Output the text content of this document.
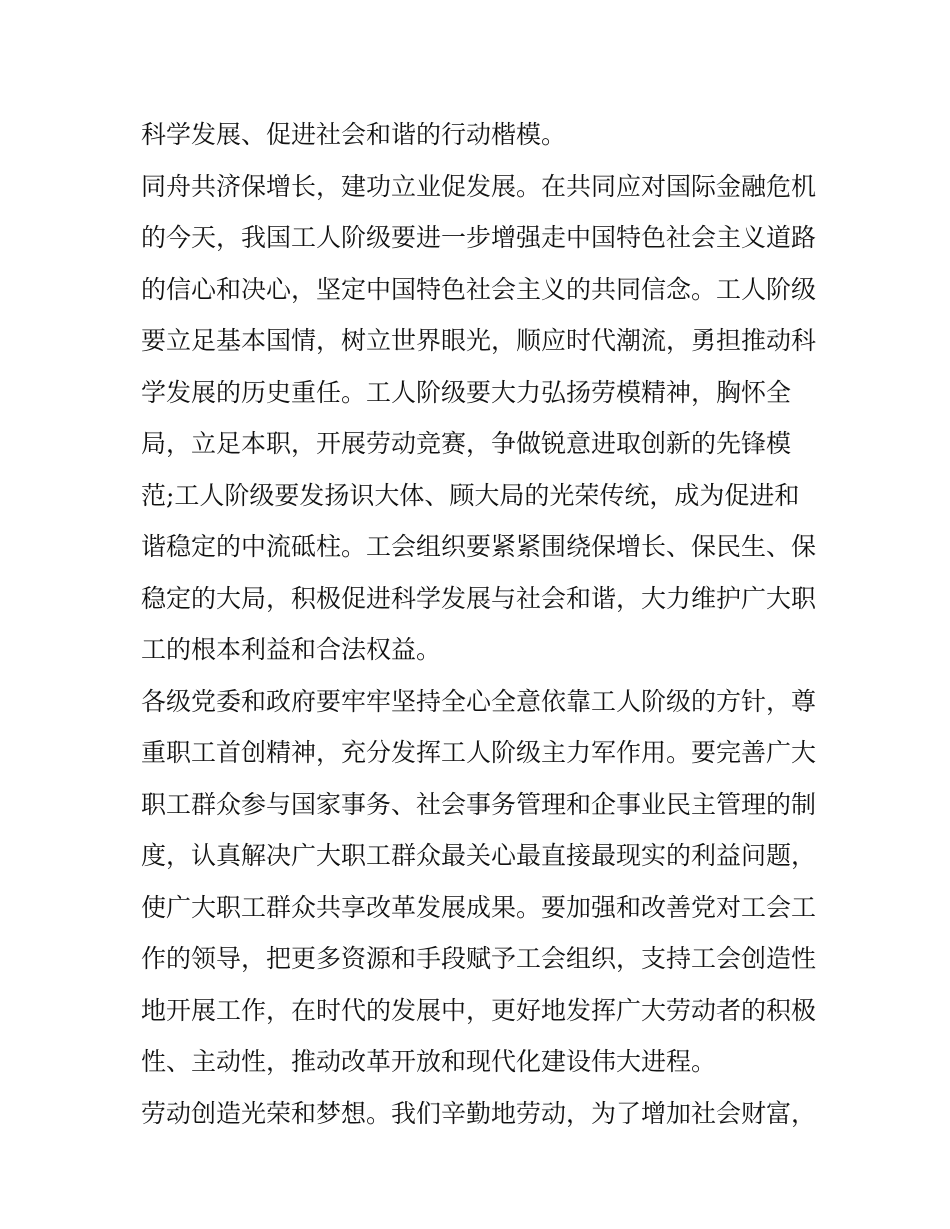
科学发展、促进社会和谐的行动楷模。
同舟共济保增长，建功立业促发展。在共同应对国际金融危机
的今天，我国工人阶级要进一步增强走中国特色社会主义道路
的信心和决心，坚定中国特色社会主义的共同信念。工人阶级
要立足基本国情，树立世界眼光，顺应时代潮流，勇担推动科
学发展的历史重任。工人阶级要大力弘扬劳模精神，胸怀全
局，立足本职，开展劳动竞赛，争做锐意进取创新的先锋模
范;工人阶级要发扬识大体、顾大局的光荣传统，成为促进和
谐稳定的中流砥柱。工会组织要紧紧围绕保增长、保民生、保
稳定的大局，积极促进科学发展与社会和谐，大力维护广大职
工的根本利益和合法权益。
各级党委和政府要牢牢坚持全心全意依靠工人阶级的方针，尊
重职工首创精神，充分发挥工人阶级主力军作用。要完善广大
职工群众参与国家事务、社会事务管理和企事业民主管理的制
度，认真解决广大职工群众最关心最直接最现实的利益问题，
使广大职工群众共享改革发展成果。要加强和改善党对工会工
作的领导，把更多资源和手段赋予工会组织，支持工会创造性
地开展工作，在时代的发展中，更好地发挥广大劳动者的积极
性、主动性，推动改革开放和现代化建设伟大进程。
劳动创造光荣和梦想。我们辛勤地劳动，为了增加社会财富，
